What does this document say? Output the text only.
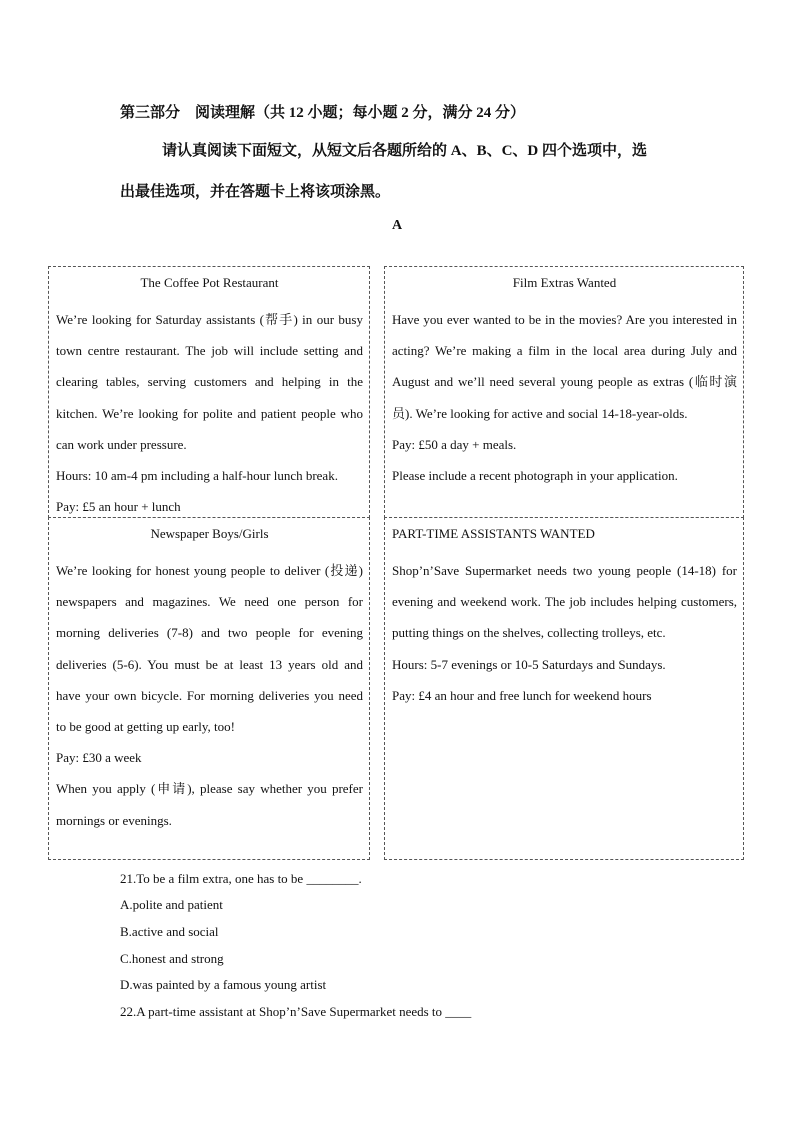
第三部分　阅读理解（共 12 小题；每小题 2 分，满分 24 分）
请认真阅读下面短文，从短文后各题所给的 A、B、C、D 四个选项中，选
出最佳选项，并在答题卡上将该项涂黑。
A
The Coffee Pot Restaurant

We’re looking for Saturday assistants (帮手) in our busy town centre restaurant. The job will include setting and clearing tables, serving customers and helping in the kitchen. We’re looking for polite and patient people who can work under pressure.

Hours: 10 am-4 pm including a half-hour lunch break.

Pay: £5 an hour + lunch

Film Extras Wanted

Have you ever wanted to be in the movies? Are you interested in acting? We’re making a film in the local area during July and August and we’ll need several young people as extras (临时演员). We’re looking for active and social 14-18-year-olds.

Pay: £50 a day + meals.

Please include a recent photograph in your application.

Newspaper Boys/Girls

We’re looking for honest young people to deliver (投递) newspapers and magazines. We need one person for morning deliveries (7-8) and two people for evening deliveries (5-6). You must be at least 13 years old and have your own bicycle. For morning deliveries you need to be good at getting up early, too!

Pay: £30 a week

When you apply (申请), please say whether you prefer mornings or evenings.

PART-TIME ASSISTANTS WANTED

Shop’n’Save Supermarket needs two young people (14-18) for evening and weekend work. The job includes helping customers, putting things on the shelves, collecting trolleys, etc.

Hours: 5-7 evenings or 10-5 Saturdays and Sundays.

Pay: £4 an hour and free lunch for weekend hours

21.To be a film extra, one has to be ________.
A.polite and patient
B.active and social
C.honest and strong
D.was painted by a famous young artist
22.A part-time assistant at Shop’n’Save Supermarket needs to ____
